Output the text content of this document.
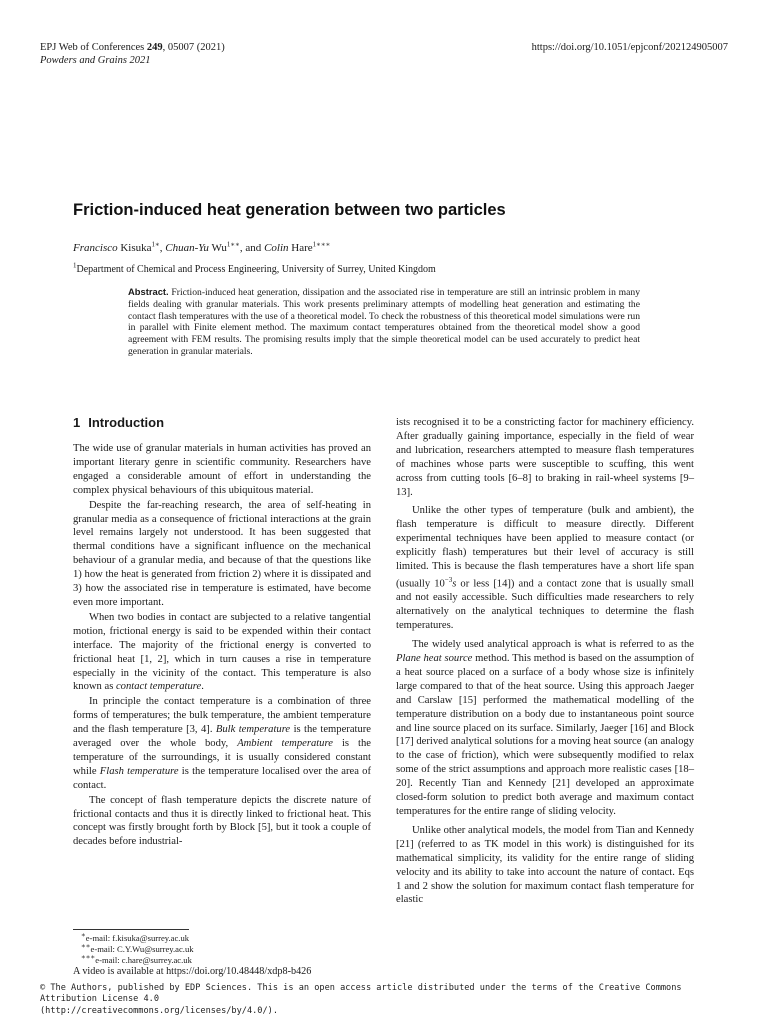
EPJ Web of Conferences 249, 05007 (2021)
Powders and Grains 2021
https://doi.org/10.1051/epjconf/202124905007
Friction-induced heat generation between two particles
Francisco Kisuka$^{1∗}$, Chuan-Yu $Wu^{1∗∗}$, and Colin Hare$^{1∗∗∗}$
$^1$Department of Chemical and Process Engineering, University of Surrey, United Kingdom
Abstract. Friction-induced heat generation, dissipation and the associated rise in temperature are still an intrinsic problem in many fields dealing with granular materials. This work presents preliminary attempts of modelling heat generation and estimating the contact flash temperatures with the use of a theoretical model. To check the robustness of this theoretical model simulations were run in parallel with Finite element method. The maximum contact temperatures obtained from the theoretical model show a good agreement with FEM results. The promising results imply that the simple theoretical model can be used accurately to predict heat generation in granular materials.
1 Introduction

The wide use of granular materials in human activities has proved an important literary genre in scientific community. Researchers have engaged a considerable amount of effort in understanding the complex physical behaviours of this ubiquitous material.

Despite the far-reaching research, the area of self-heating in granular media as a consequence of frictional interactions at the grain level remains largely not understood. It has been suggested that thermal conditions have a significant influence on the mechanical behaviour of a granular media, and because of that the questions like 1) how the heat is generated from friction 2) where it is dissipated and 3) how the associated rise in temperature is estimated, have become even more important.

When two bodies in contact are subjected to a relative tangential motion, frictional energy is said to be expended within their contact interface. The majority of the frictional energy is converted to frictional heat [1, 2], which in turn causes a rise in temperature especially in the vicinity of the contact. This temperature is also known as contact temperature.

In principle the contact temperature is a combination of three forms of temperatures; the bulk temperature, the ambient temperature and the flash temperature [3, 4]. Bulk temperature is the temperature averaged over the whole body, Ambient temperature is the temperature of the surroundings, it is usually considered constant while Flash temperature is the temperature localised over the area of contact.

The concept of flash temperature depicts the discrete nature of frictional contacts and thus it is directly linked to frictional heat. This concept was firstly brought forth by Block [5], but it took a couple of decades before industrial-

ists recognised it to be a constricting factor for machinery efficiency. After gradually gaining importance, especially in the field of wear and lubrication, researchers attempted to measure flash temperatures of machines whose parts were susceptible to scuffing, this went across from cutting tools [6–8] to braking in rail-wheel systems [9–13].

Unlike the other types of temperature (bulk and ambient), the flash temperature is difficult to measure directly. Different experimental techniques have been applied to measure contact (or explicitly flash) temperatures but their level of accuracy is still limited. This is because the flash temperatures have a short life span (usually $10^{-3}s$ or less [14]) and a contact zone that is usually small and not easily accessible. Such difficulties made researchers to rely alternatively on the analytical techniques to determine the flash temperatures.

The widely used analytical approach is what is referred to as the Plane heat source method. This method is based on the assumption of a heat source placed on a surface of a body whose size is infinitely large compared to that of the heat source. Using this approach Jaeger and Carslaw [15] performed the mathematical modelling of the temperature distribution on a body due to instantaneous point source and line source placed on its surface. Similarly, Jaeger [16] and Block [17] derived analytical solutions for a moving heat source (an analogy to the case of friction), which were subsequently modified to relax some of the strict assumptions and approach more realistic cases [18–20]. Recently Tian and Kennedy [21] developed an approximate closed-form solution to predict both average and maximum contact temperatures for the entire range of sliding velocity.

Unlike other analytical models, the model from Tian and Kennedy [21] (referred to as TK model in this work) is distinguished for its mathematical simplicity, its validity for the entire range of sliding velocity and its ability to take into account the nature of contact. Eqs 1 and 2 show the solution for maximum contact flash temperature for elastic

∗e-mail: f.kisuka@surrey.ac.uk
∗∗e-mail: C.Y.Wu@surrey.ac.uk
∗∗∗e-mail: c.hare@surrey.ac.uk
A video is available at https://doi.org/10.48448/xdp8-b426
© The Authors, published by EDP Sciences. This is an open access article distributed under the terms of the Creative Commons Attribution License 4.0
(http://creativecommons.org/licenses/by/4.0/).
